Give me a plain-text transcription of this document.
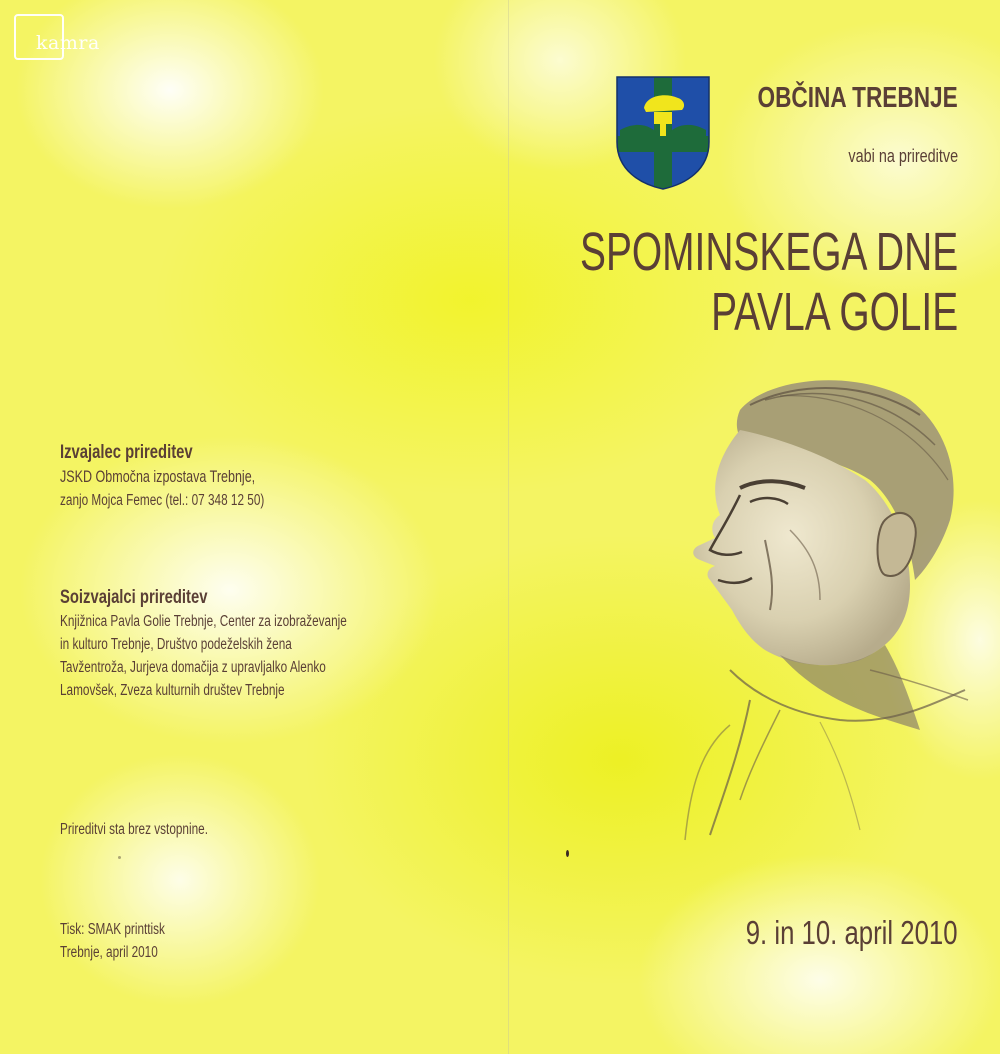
kamra
Izvajalec prireditev
JSKD Območna izpostava Trebnje,
zanjo Mojca Femec (tel.: 07 348 12 50)
Soizvajalci prireditev
Knjižnica Pavla Golie Trebnje, Center za izobraževanje
in kulturo Trebnje, Društvo podeželskih žena
Tavžentroža, Jurjeva domačija z upravljalko Alenko
Lamovšek, Zveza kulturnih društev Trebnje
Prireditvi sta brez vstopnine.
Tisk: SMAK printtisk
Trebnje, april 2010
OBČINA TREBNJE
vabi na prireditve
SPOMINSKEGA DNE
PAVLA GOLIE
9. in 10. april 2010
